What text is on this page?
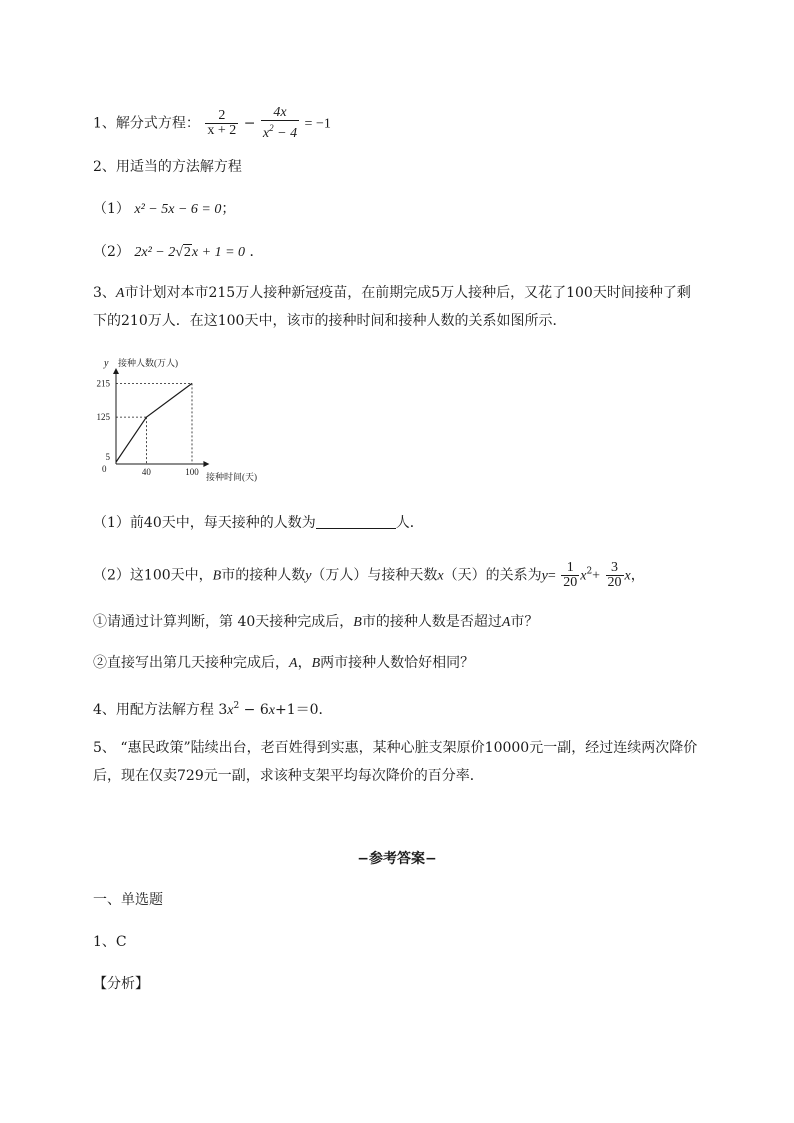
1、解分式方程： $\frac{2}{x + 2} - \frac{4x}{x^2 - 4} = -1$
2、用适当的方法解方程
（1） x² − 5x − 6 = 0；
（2） 2x² − 2√2x + 1 = 0 ．
3、A市计划对本市215万人接种新冠疫苗，在前期完成5万人接种后，又花了100天时间接种了剩
下的210万人．在这100天中，该市的接种时间和接种人数的关系如图所示．
y 接种人数(万人)
接种时间(天)
0	40	100
5
125
215
（1）前40天中，每天接种的人数为	人．
（2）这100天中，B市的接种人数y（万人）与接种天数x（天）的关系为$y= \frac{1}{20} x^2+ \frac{3}{20}$ x，
①请通过计算判断，第 40天接种完成后，B市的接种人数是否超过A市？
②直接写出第几天接种完成后，A，B两市接种人数恰好相同？
4、用配方法解方程 $3x^2 - 6x+1=0$．
5、 “惠民政策”陆续出台，老百姓得到实惠，某种心脏支架原价10000元一副，经过连续两次降价
后，现在仅卖729元一副，求该种支架平均每次降价的百分率．
−参考答案−
一、单选题
1、C
【分析】
